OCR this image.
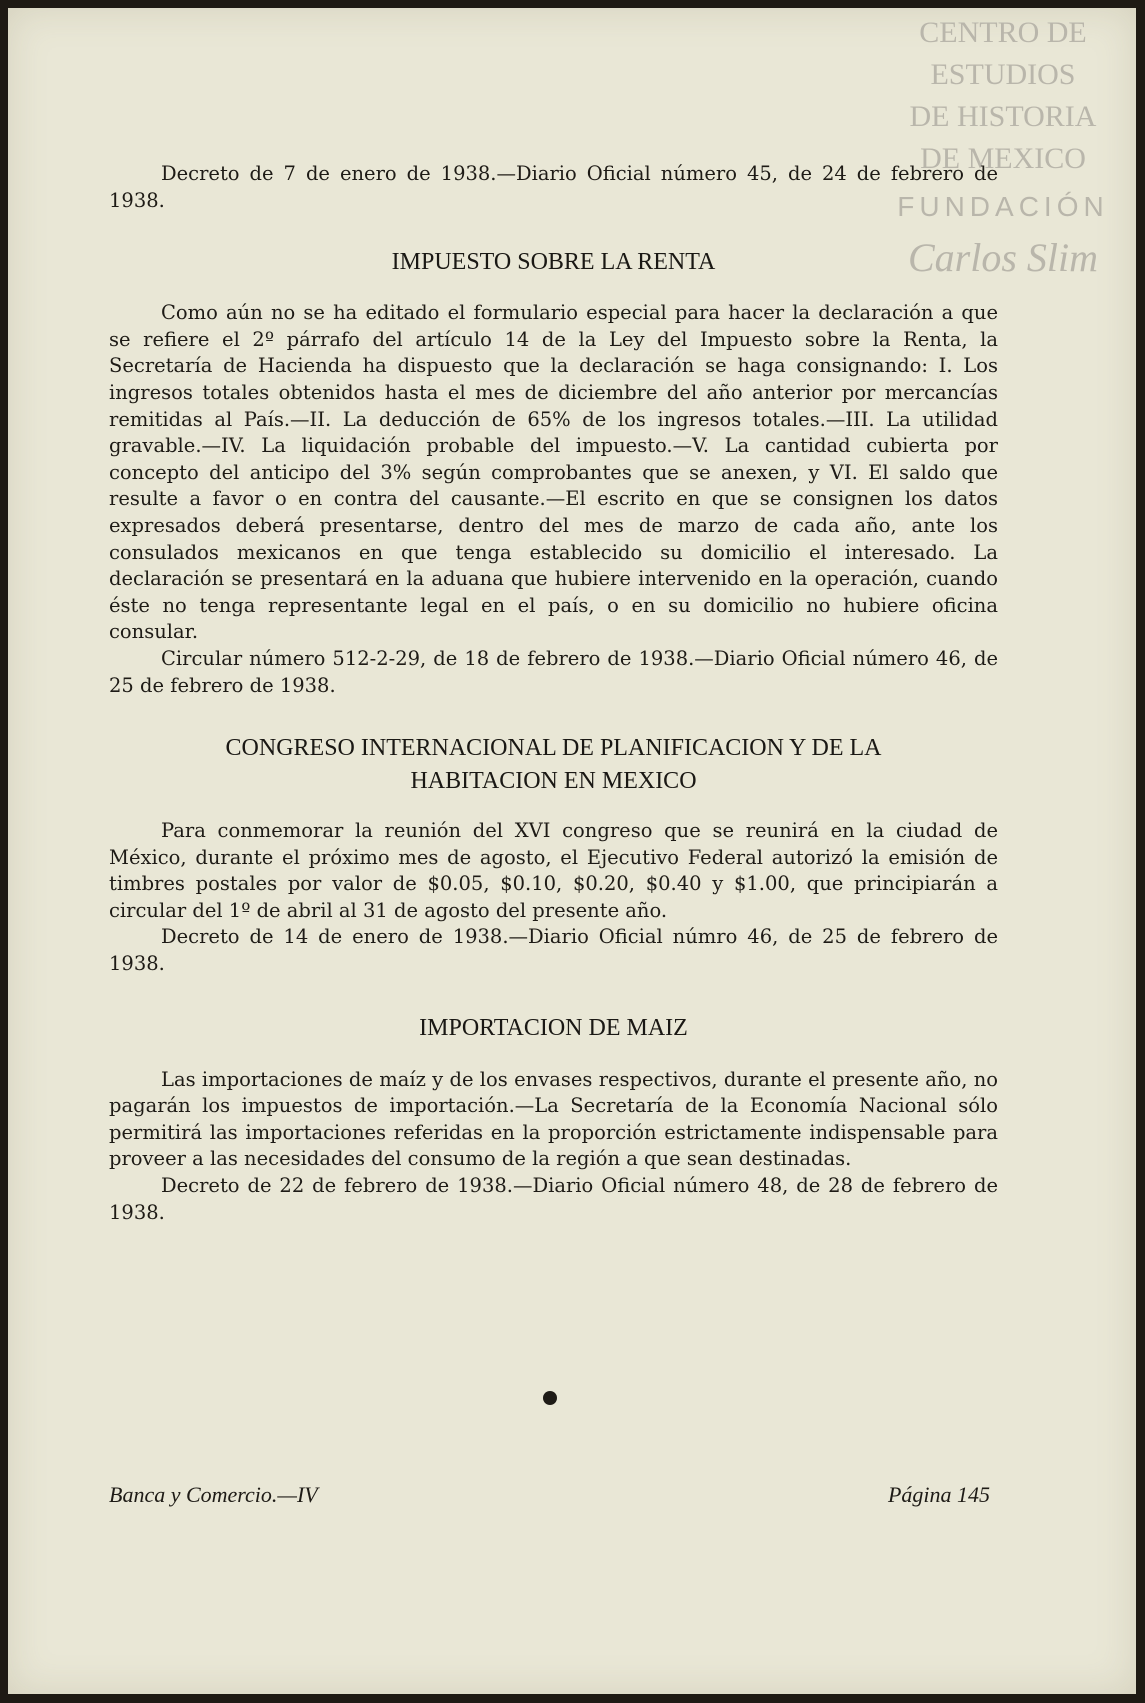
CENTRO DE
ESTUDIOS
DE HISTORIA
DE MEXICO
FUNDACIÓN
Carlos Slim

Decreto de 7 de enero de 1938.—Diario Oficial número 45, de 24 de febrero de 1938.

IMPUESTO SOBRE LA RENTA

Como aún no se ha editado el formulario especial para hacer la declaración a que se refiere el 2º párrafo del artículo 14 de la Ley del Impuesto sobre la Renta, la Secretaría de Hacienda ha dispuesto que la declaración se haga consignando: I. Los ingresos totales obtenidos hasta el mes de diciembre del año anterior por mercancías remitidas al País.—II. La deducción de 65% de los ingresos totales.—III. La utilidad gravable.—IV. La liquidación probable del impuesto.—V. La cantidad cubierta por concepto del anticipo del 3% según comprobantes que se anexen, y VI. El saldo que resulte a favor o en contra del causante.—El escrito en que se consignen los datos expresados deberá presentarse, dentro del mes de marzo de cada año, ante los consulados mexicanos en que tenga establecido su domicilio el interesado. La declaración se presentará en la aduana que hubiere intervenido en la operación, cuando éste no tenga representante legal en el país, o en su domicilio no hubiere oficina consular.

Circular número 512-2-29, de 18 de febrero de 1938.—Diario Oficial número 46, de 25 de febrero de 1938.

CONGRESO INTERNACIONAL DE PLANIFICACION Y DE LA
HABITACION EN MEXICO

Para conmemorar la reunión del XVI congreso que se reunirá en la ciudad de México, durante el próximo mes de agosto, el Ejecutivo Federal autorizó la emisión de timbres postales por valor de $0.05, $0.10, $0.20, $0.40 y $1.00, que principiarán a circular del 1º de abril al 31 de agosto del presente año.

Decreto de 14 de enero de 1938.—Diario Oficial númro 46, de 25 de febrero de 1938.

IMPORTACION DE MAIZ

Las importaciones de maíz y de los envases respectivos, durante el presente año, no pagarán los impuestos de importación.—La Secretaría de la Economía Nacional sólo permitirá las importaciones referidas en la proporción estrictamente indispensable para proveer a las necesidades del consumo de la región a que sean destinadas.

Decreto de 22 de febrero de 1938.—Diario Oficial número 48, de 28 de febrero de 1938.

Banca y Comercio.—IV	Página 145
